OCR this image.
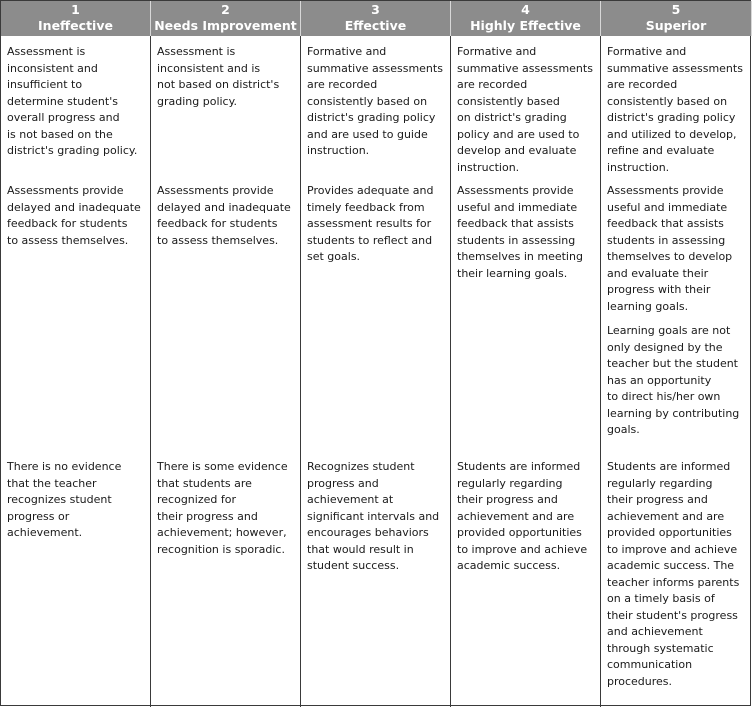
1
Ineffective
2
Needs Improvement
3
Effective
4
Highly Effective
5
Superior

Assessment is
inconsistent and
insufficient to
determine student's
overall progress and
is not based on the
district's grading policy.

Assessment is
inconsistent and is
not based on district's
grading policy.

Formative and
summative assessments
are recorded
consistently based on
district's grading policy
and are used to guide
instruction.

Formative and
summative assessments
are recorded
consistently based
on district's grading
policy and are used to
develop and evaluate
instruction.

Formative and
summative assessments
are recorded
consistently based on
district's grading policy
and utilized to develop,
refine and evaluate
instruction.

Assessments provide
delayed and inadequate
feedback for students
to assess themselves.

Assessments provide
delayed and inadequate
feedback for students
to assess themselves.

Provides adequate and
timely feedback from
assessment results for
students to reflect and
set goals.

Assessments provide
useful and immediate
feedback that assists
students in assessing
themselves in meeting
their learning goals.

Assessments provide
useful and immediate
feedback that assists
students in assessing
themselves to develop
and evaluate their
progress with their
learning goals.

Learning goals are not
only designed by the
teacher but the student
has an opportunity
to direct his/her own
learning by contributing
goals.

There is no evidence
that the teacher
recognizes student
progress or
achievement.

There is some evidence
that students are
recognized for
their progress and
achievement; however,
recognition is sporadic.

Recognizes student
progress and
achievement at
significant intervals and
encourages behaviors
that would result in
student success.

Students are informed
regularly regarding
their progress and
achievement and are
provided opportunities
to improve and achieve
academic success.

Students are informed
regularly regarding
their progress and
achievement and are
provided opportunities
to improve and achieve
academic success. The
teacher informs parents
on a timely basis of
their student's progress
and achievement
through systematic
communication
procedures.
